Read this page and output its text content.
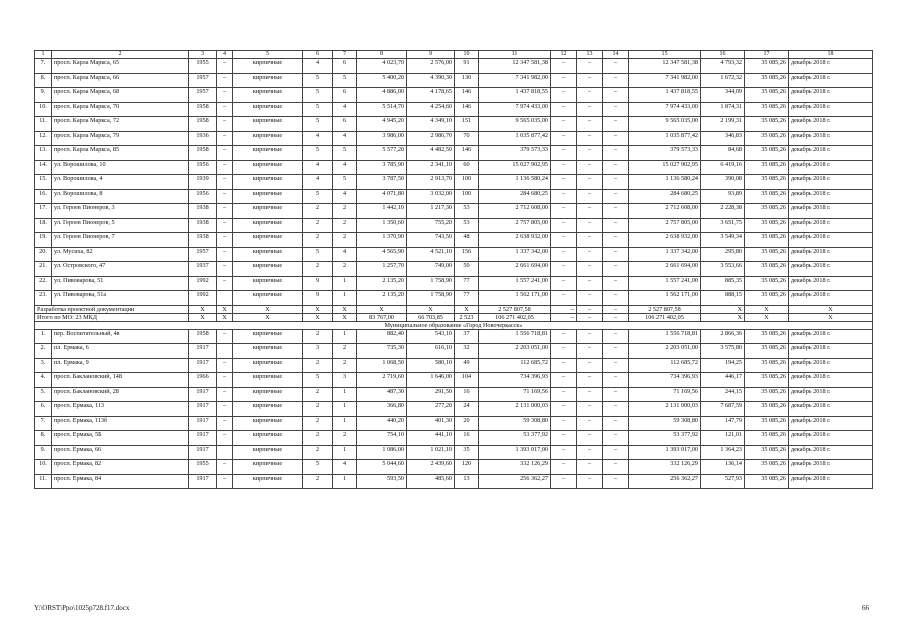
1	2	3	4	5	6	7	8	9	10	11	12	13	14	15	16	17	18
7.	просп. Карла Маркса, 65	1955	–	кирпичные	4	6	4 023,70	2 576,00	91	12 347 581,38	–	–	–	12 347 581,38	4 793,32	35 085,26	декабрь 2018 г.
8.	просп. Карла Маркса, 66	1957	–	кирпичные	5	5	5 400,20	4 390,30	130	7 341 982,00	–	–	–	7 341 982,00	1 672,32	35 085,26	декабрь 2018 г.
9.	просп. Карла Маркса, 68	1957	–	кирпичные	5	6	4 886,00	4 178,65	146	1 437 818,55	–	–	–	1 437 818,55	344,09	35 085,26	декабрь 2018 г.
10.	просп. Карла Маркса, 70	1958	–	кирпичные	5	4	5 514,70	4 254,60	146	7 974 433,00	–	–	–	7 974 433,00	1 874,31	35 085,26	декабрь 2018 г.
11.	просп. Карла Маркса, 72	1958	–	кирпичные	5	6	4 945,20	4 349,10	151	9 565 035,00	–	–	–	9 565 035,00	2 199,31	35 085,26	декабрь 2018 г.
12.	просп. Карла Маркса, 79	1936	–	кирпичные	4	4	3 986,00	2 986,70	70	1 035 877,42	–	–	–	1 035 877,42	346,83	35 085,26	декабрь 2018 г.
13.	просп. Карла Маркса, 85	1958	–	кирпичные	5	5	5 577,20	4 482,50	146	379 573,33	–	–	–	379 573,33	84,68	35 085,26	декабрь 2018 г.
14.	ул. Ворошилова, 10	1956	–	кирпичные	4	4	3 785,90	2 341,10	60	15 027 902,95	–	–	–	15 027 902,95	6 419,16	35 085,26	декабрь 2018 г.
15.	ул. Ворошилова, 4	1939	–	кирпичные	4	5	3 787,50	2 913,70	100	1 136 580,24	–	–	–	1 136 580,24	390,08	35 085,26	декабрь 2018 г.
16.	ул. Ворошилова, 8	1956	–	кирпичные	5	4	4 071,80	3 032,00	100	284 680,25	–	–	–	284 680,25	93,89	35 085,26	декабрь 2018 г.
17.	ул. Героев Пионеров, 3	1938	–	кирпичные	2	2	1 442,10	1 217,30	53	2 712 608,00	–	–	–	2 712 608,00	2 228,38	35 085,26	декабрь 2018 г.
18.	ул. Героев Пионеров, 5	1938	–	кирпичные	2	2	1 350,60	755,20	53	2 757 805,00	–	–	–	2 757 805,00	3 651,75	35 085,26	декабрь 2018 г.
19.	ул. Героев Пионеров, 7	1938	–	кирпичные	2	2	1 370,90	743,50	48	2 638 932,00	–	–	–	2 638 932,00	3 549,34	35 085,26	декабрь 2018 г.
20.	ул. Мусиха, 82	1957	–	кирпичные	5	4	4 565,90	4 521,10	156	1 337 342,00	–	–	–	1 337 342,00	295,80	35 085,26	декабрь 2018 г.
21.	ул. Островского, 47	1937	–	кирпичные	2	2	1 257,70	749,00	50	2 661 694,00	–	–	–	2 661 694,00	3 553,66	35 085,26	декабрь 2018 г.
22.	ул. Пивоварова, 51	1992	–	кирпичные	9	1	2 135,20	1 758,90	77	1 557 241,00	–	–	–	1 557 241,00	885,35	35 085,26	декабрь 2018 г.
23.	ул. Пивоварова, 51а	1992		кирпичные	9	1	2 135,20	1 758,90	77	1 562 171,00	–	–	–	1 562 171,00	888,15	35 085,26	декабрь 2018 г.
Разработка проектной документации		Х	Х	Х	Х	Х	Х	Х	Х	2 527 807,58	–	–	–	2 527 807,58	Х	Х	Х
Итого по МО: 23 МКД		Х	Х	Х	Х	Х	83 767,00	66 703,85	2 523	106 271 402,05	–	–	–	106 271 402,05	Х	Х	Х
Муниципальное образование «Город Новочеркасск»																	
1.	пер. Воспитательный, 4в	1958	–	кирпичные	2	1	882,40	543,10	37	1 556 718,81	–	–	–	1 556 718,81	2 866,36	35 085,26	декабрь 2018 г.
2.	пл. Ермака, 6	1917		кирпичные	3	2	735,30	616,10	32	2 203 051,00	–	–	–	2 203 051,00	3 575,80	35 085,26	декабрь 2018 г.
3.	пл. Ермака, 9	1917	–	кирпичные	2	2	1 068,50	580,10	49	112 685,72	–	–	–	112 685,72	194,25	35 085,26	декабрь 2018 г.
4.	просп. Баклановский, 148	1966	–	кирпичные	5	3	2 719,60	1 646,00	104	734 396,93	–	–	–	734 396,93	446,17	35 085,26	декабрь 2018 г.
5.	просп. Баклановский, 28	1917	–	кирпичные	2	1	487,30	291,50	16	71 169,56	–	–	–	71 169,56	244,15	35 085,26	декабрь 2018 г.
6.	просп. Ермака, 113	1917	–	кирпичные	2	1	366,80	277,20	24	2 131 000,03	–	–	–	2 131 000,03	7 687,59	35 085,26	декабрь 2018 г.
7.	просп. Ермака, 113б	1917	–	кирпичные	2	1	440,20	401,30	20	59 308,80	–	–	–	59 308,80	147,79	35 085,26	декабрь 2018 г.
8.	просп. Ермака, 5Б	1917	–	кирпичные	2	2	754,10	441,10	16	53 377,92	–	–	–	53 377,92	121,01	35 085,26	декабрь 2018 г.
9.	просп. Ермака, 66	1917		кирпичные	2	1	1 086,00	1 021,10	35	1 393 017,00	–	–	–	1 393 017,00	1 364,23	35 085,26	декабрь 2018 г.
10.	просп. Ермака, 82	1955	–	кирпичные	5	4	5 044,60	2 439,60	120	332 126,29	–	–	–	332 126,29	136,14	35 085,26	декабрь 2018 г.
11.	просп. Ермака, 84	1917	–	кирпичные	2	1	593,50	485,60	13	256 362,27	–	–	–	256 362,27	527,93	35 085,26	декабрь 2018 г.
Y:\ORST\Ppo\1025p728.f17.docx	66
